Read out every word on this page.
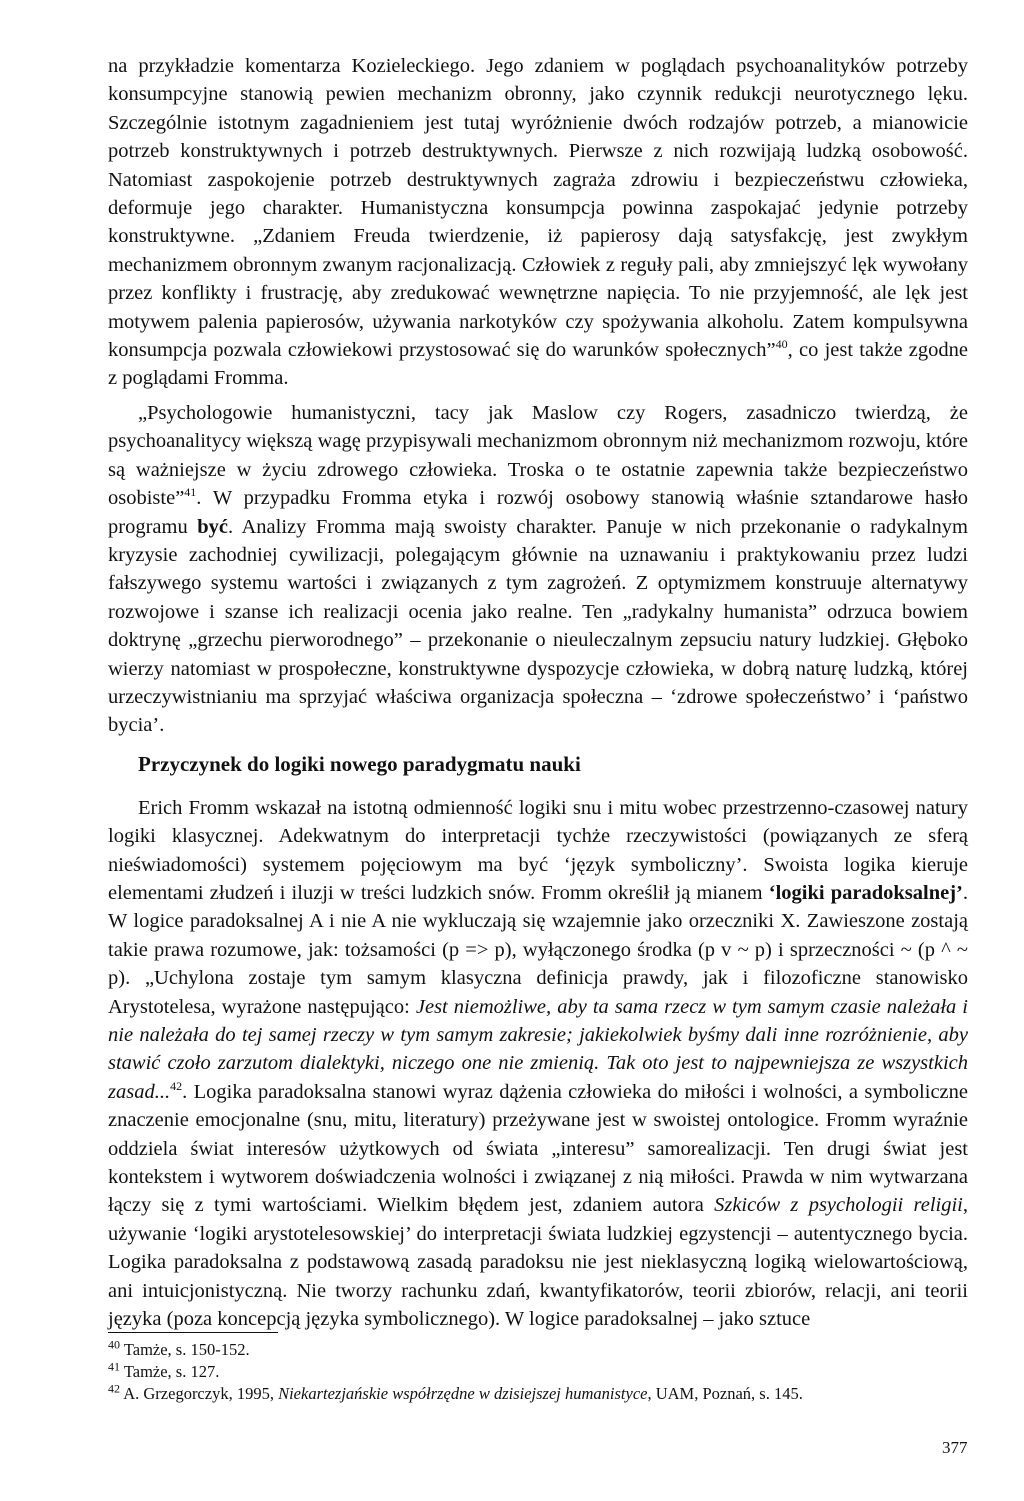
na przykładzie komentarza Kozieleckiego. Jego zdaniem w poglądach psychoanalityków potrzeby konsumpcyjne stanowią pewien mechanizm obronny, jako czynnik redukcji neurotycznego lęku. Szczególnie istotnym zagadnieniem jest tutaj wyróżnienie dwóch rodzajów potrzeb, a mianowicie potrzeb konstruktywnych i potrzeb destruktywnych. Pierwsze z nich rozwijają ludzką osobowość. Natomiast zaspokojenie potrzeb destruktywnych zagraża zdrowiu i bezpieczeństwu człowieka, deformuje jego charakter. Humanistyczna konsumpcja powinna zaspokajać jedynie potrzeby konstruktywne. „Zdaniem Freuda twierdzenie, iż papierosy dają satysfakcję, jest zwykłym mechanizmem obronnym zwanym racjonalizacją. Człowiek z reguły pali, aby zmniejszyć lęk wywołany przez konflikty i frustrację, aby zredukować wewnętrzne napięcia. To nie przyjemność, ale lęk jest motywem palenia papierosów, używania narkotyków czy spożywania alkoholu. Zatem kompulsywna konsumpcja pozwala człowiekowi przystosować się do warunków społecznych”$^{40}$, co jest także zgodne z poglądami Fromma.

„Psychologowie humanistyczni, tacy jak Maslow czy Rogers, zasadniczo twierdzą, że psychoanalitycy większą wagę przypisywali mechanizmom obronnym niż mechanizmom rozwoju, które są ważniejsze w życiu zdrowego człowieka. Troska o te ostatnie zapewnia także bezpieczeństwo osobiste”$^{41}$. W przypadku Fromma etyka i rozwój osobowy stanowią właśnie sztandarowe hasło programu być. Analizy Fromma mają swoisty charakter. Panuje w nich przekonanie o radykalnym kryzysie zachodniej cywilizacji, polegającym głównie na uznawaniu i praktykowaniu przez ludzi fałszywego systemu wartości i związanych z tym zagrożeń. Z optymizmem konstruuje alternatywy rozwojowe i szanse ich realizacji ocenia jako realne. Ten „radykalny humanista” odrzuca bowiem doktrynę „grzechu pierworodnego” – przekonanie o nieuleczalnym zepsuciu natury ludzkiej. Głęboko wierzy natomiast w prospołeczne, konstruktywne dyspozycje człowieka, w dobrą naturę ludzką, której urzeczywistnianiu ma sprzyjać właściwa organizacja społeczna – ‘zdrowe społeczeństwo’ i ‘państwo bycia’.

Przyczynek do logiki nowego paradygmatu nauki

Erich Fromm wskazał na istotną odmienność logiki snu i mitu wobec przestrzenno-czasowej natury logiki klasycznej. Adekwatnym do interpretacji tychże rzeczywistości (powiązanych ze sferą nieświadomości) systemem pojęciowym ma być ‘język symboliczny’. Swoista logika kieruje elementami złudzeń i iluzji w treści ludzkich snów. Fromm określił ją mianem ‘logiki paradoksalnej’. W logice paradoksalnej A i nie A nie wykluczają się wzajemnie jako orzeczniki X. Zawieszone zostają takie prawa rozumowe, jak: tożsamości (p => p), wyłączonego środka (p v ~ p) i sprzeczności ~ (p ^ ~ p). „Uchylona zostaje tym samym klasyczna definicja prawdy, jak i filozoficzne stanowisko Arystotelesa, wyrażone następująco: Jest niemożliwe, aby ta sama rzecz w tym samym czasie należała i nie należała do tej samej rzeczy w tym samym zakresie; jakiekolwiek byśmy dali inne rozróżnienie, aby stawić czoło zarzutom dialektyki, niczego one nie zmienią. Tak oto jest to najpewniejsza ze wszystkich zasad...$^{42}$. Logika paradoksalna stanowi wyraz dążenia człowieka do miłości i wolności, a symboliczne znaczenie emocjonalne (snu, mitu, literatury) przeżywane jest w swoistej ontologice. Fromm wyraźnie oddziela świat interesów użytkowych od świata „interesu” samorealizacji. Ten drugi świat jest kontekstem i wytworem doświadczenia wolności i związanej z nią miłości. Prawda w nim wytwarzana łączy się z tymi wartościami. Wielkim błędem jest, zdaniem autora Szkiców z psychologii religii, używanie ‘logiki arystotelesowskiej’ do interpretacji świata ludzkiej egzystencji – autentycznego bycia. Logika paradoksalna z podstawową zasadą paradoksu nie jest nieklasyczną logiką wielowartościową, ani intuicjonistyczną. Nie tworzy rachunku zdań, kwantyfikatorów, teorii zbiorów, relacji, ani teorii języka (poza koncepcją języka symbolicznego). W logice paradoksalnej – jako sztuce

$^{40}$ Tamże, s. 150-152.

$^{41}$ Tamże, s. 127.

$^{42}$ A. Grzegorczyk, 1995, Niekartezjańskie współrzędne w dzisiejszej humanistyce, UAM, Poznań, s. 145.

377
